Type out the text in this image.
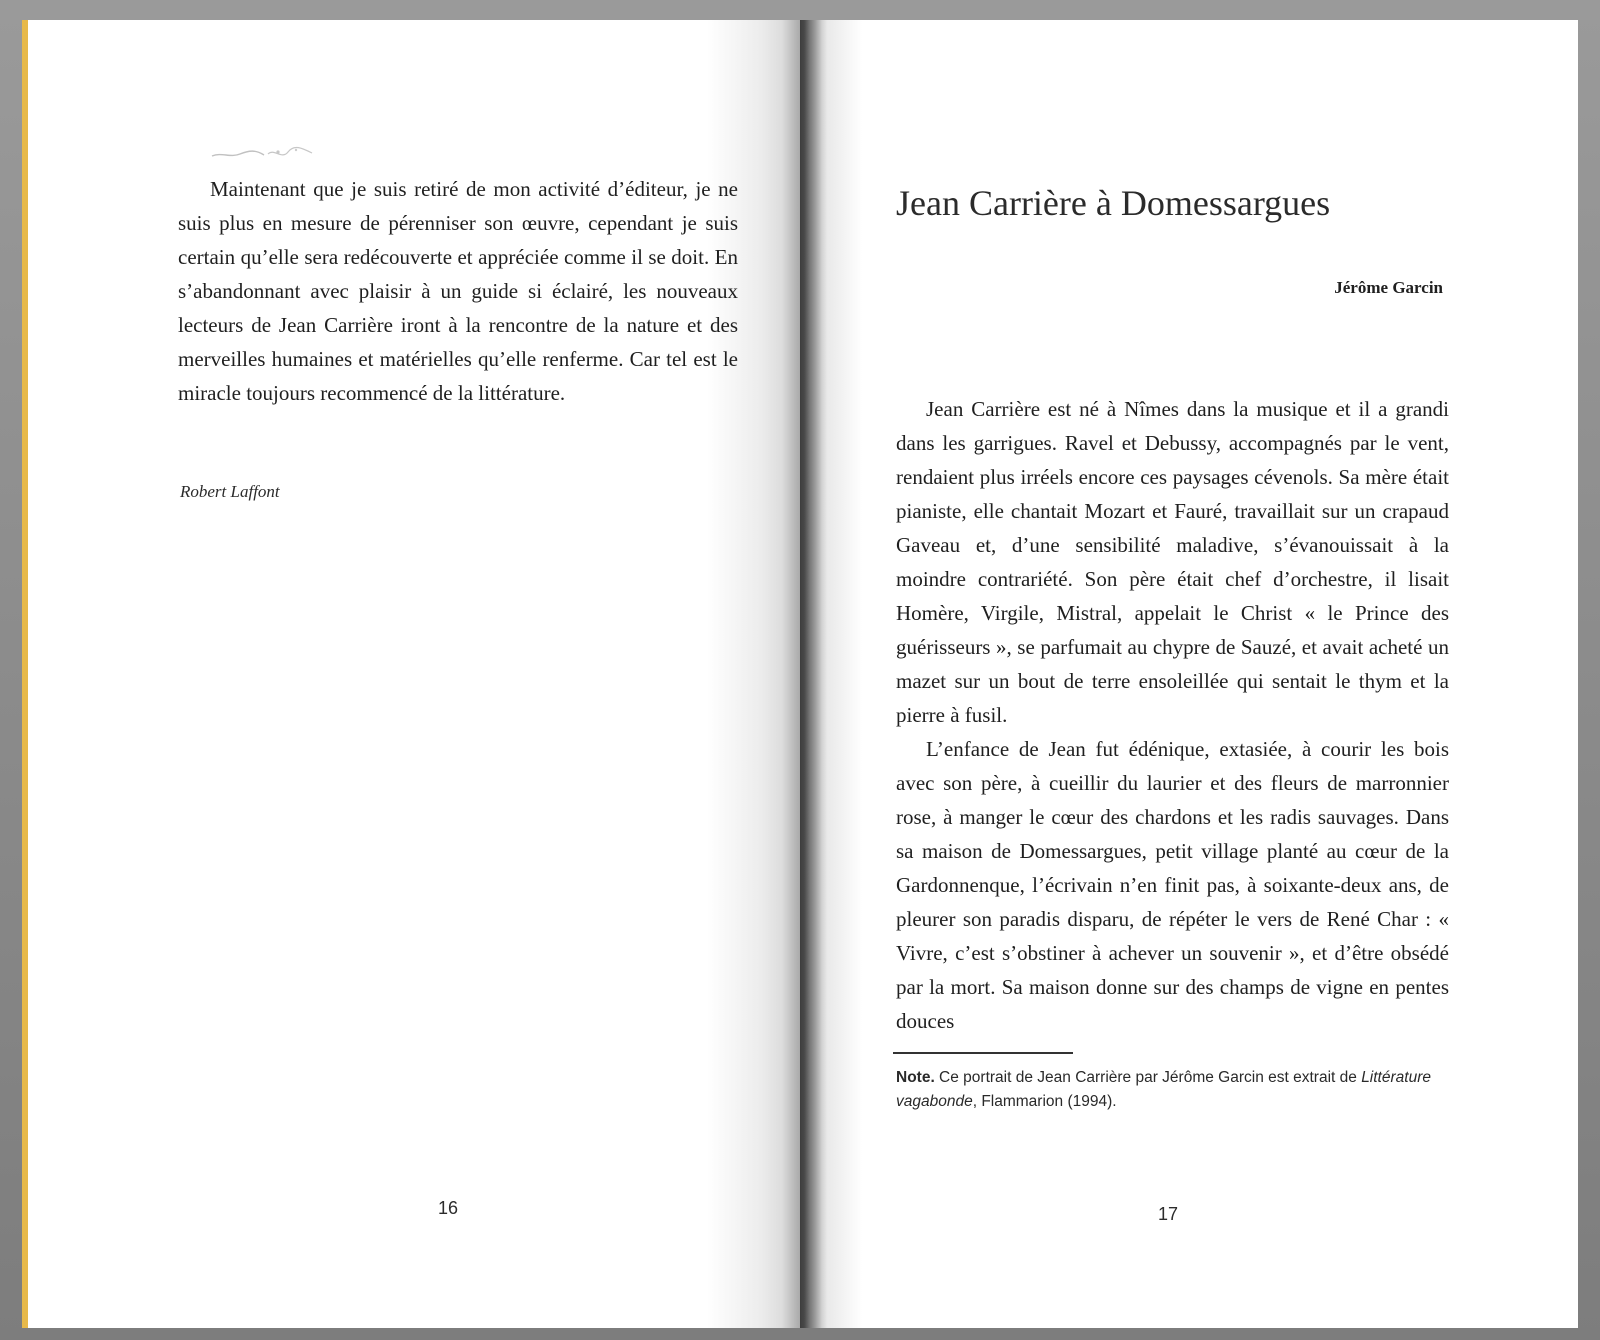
Maintenant que je suis retiré de mon activité d’éditeur, je ne suis plus en mesure de pérenniser son œuvre, cependant je suis certain qu’elle sera redécouverte et appréciée comme il se doit. En s’abandonnant avec plaisir à un guide si éclairé, les nouveaux lecteurs de Jean Carrière iront à la rencontre de la nature et des merveilles humaines et matérielles qu’elle renferme. Car tel est le miracle toujours recommencé de la littérature.

Robert Laffont
16
Jean Carrière à Domessargues
Jérôme Garcin

Jean Carrière est né à Nîmes dans la musique et il a grandi dans les garrigues. Ravel et Debussy, accompagnés par le vent, rendaient plus irréels encore ces paysages cévenols. Sa mère était pianiste, elle chantait Mozart et Fauré, travaillait sur un crapaud Gaveau et, d’une sensibilité maladive, s’évanouissait à la moindre contrariété. Son père était chef d’orchestre, il lisait Homère, Virgile, Mistral, appelait le Christ « le Prince des guérisseurs », se parfumait au chypre de Sauzé, et avait acheté un mazet sur un bout de terre ensoleillée qui sentait le thym et la pierre à fusil.

L’enfance de Jean fut édénique, extasiée, à courir les bois avec son père, à cueillir du laurier et des fleurs de marronnier rose, à manger le cœur des chardons et les radis sauvages. Dans sa maison de Domessargues, petit village planté au cœur de la Gardonnenque, l’écrivain n’en finit pas, à soixante-deux ans, de pleurer son paradis disparu, de répéter le vers de René Char : « Vivre, c’est s’obstiner à achever un souvenir », et d’être obsédé par la mort. Sa maison donne sur des champs de vigne en pentes douces

Note. Ce portrait de Jean Carrière par Jérôme Garcin est extrait de Littérature vagabonde, Flammarion (1994).
17
